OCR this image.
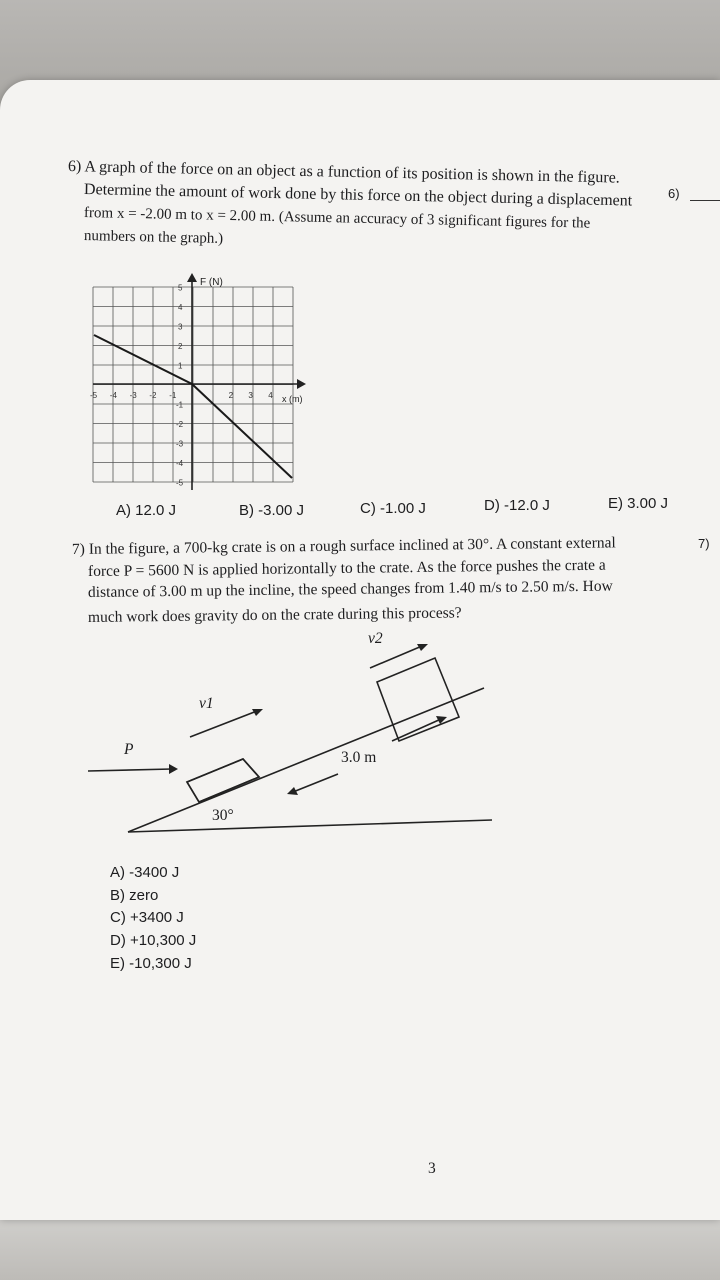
6) A graph of the force on an object as a function of its position is shown in the figure.
Determine the amount of work done by this force on the object during a displacement
from x = -2.00 m to x = 2.00 m. (Assume an accuracy of 3 significant figures for the
numbers on the graph.)
6)
F (N)
x (m)
-5 -4 -3 -2 -1	2 3 4
5
4
3
2
1
-1
-2
-3
-4
-5
A) 12.0 J	B) -3.00 J	C) -1.00 J	D) -12.0 J	E) 3.00 J
7) In the figure, a 700-kg crate is on a rough surface inclined at 30°. A constant external
force P = 5600 N is applied horizontally to the crate. As the force pushes the crate a
distance of 3.00 m up the incline, the speed changes from 1.40 m/s to 2.50 m/s. How
much work does gravity do on the crate during this process?
7)
v1
v2
P	3.0 m
30°
A) -3400 J
B) zero
C) +3400 J
D) +10,300 J
E) -10,300 J
3
